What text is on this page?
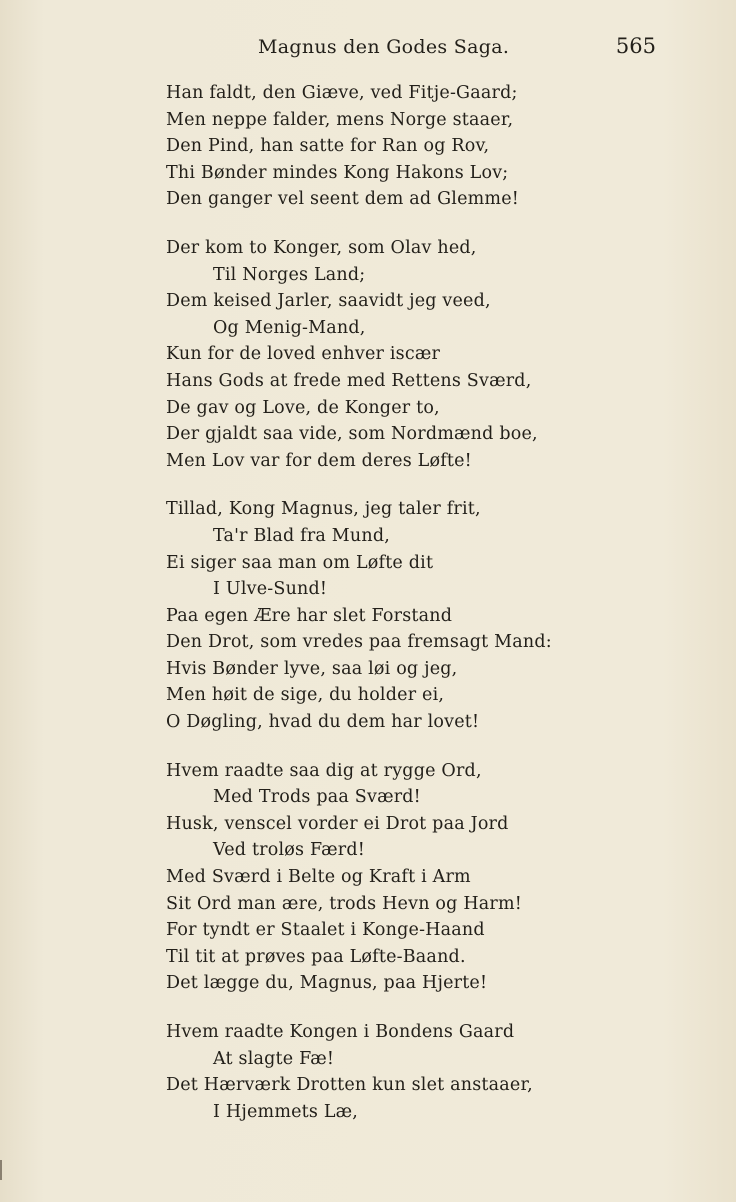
Magnus den Godes Saga.	565
Han faldt, den Giæve, ved Fitje-Gaard;
Men neppe falder, mens Norge staaer,
Den Pind, han satte for Ran og Rov,
Thi Bønder mindes Kong Hakons Lov;
Den ganger vel seent dem ad Glemme!
Der kom to Konger, som Olav hed,
Til Norges Land;
Dem keised Jarler, saavidt jeg veed,
Og Menig-Mand,
Kun for de loved enhver iscær
Hans Gods at frede med Rettens Sværd,
De gav og Love, de Konger to,
Der gjaldt saa vide, som Nordmænd boe,
Men Lov var for dem deres Løfte!
Tillad, Kong Magnus, jeg taler frit,
Ta'r Blad fra Mund,
Ei siger saa man om Løfte dit
I Ulve-Sund!
Paa egen Ære har slet Forstand
Den Drot, som vredes paa fremsagt Mand:
Hvis Bønder lyve, saa løi og jeg,
Men høit de sige, du holder ei,
O Døgling, hvad du dem har lovet!
Hvem raadte saa dig at rygge Ord,
Med Trods paa Sværd!
Husk, venscel vorder ei Drot paa Jord
Ved troløs Færd!
Med Sværd i Belte og Kraft i Arm
Sit Ord man ære, trods Hevn og Harm!
For tyndt er Staalet i Konge-Haand
Til tit at prøves paa Løfte-Baand.
Det lægge du, Magnus, paa Hjerte!
Hvem raadte Kongen i Bondens Gaard
At slagte Fæ!
Det Hærværk Drotten kun slet anstaaer,
I Hjemmets Læ,
